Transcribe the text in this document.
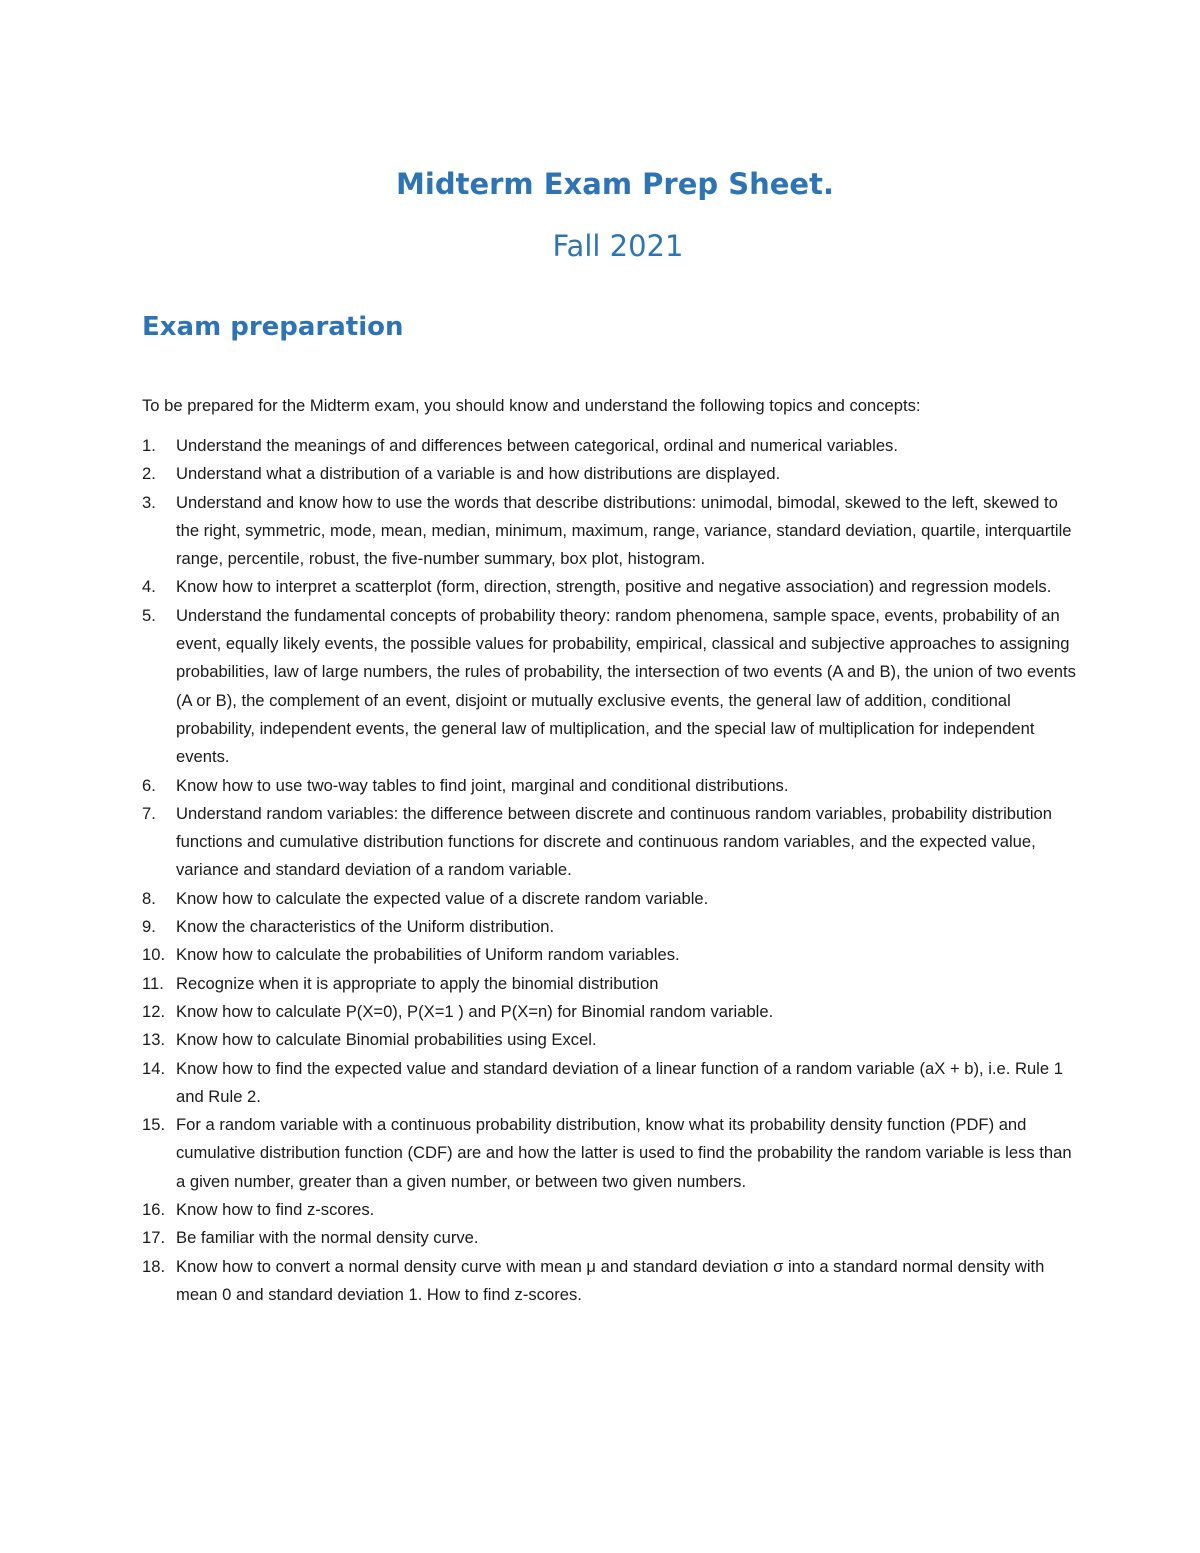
Midterm Exam Prep Sheet.
Fall 2021
Exam preparation

To be prepared for the Midterm exam, you should know and understand the following topics and concepts:

1. Understand the meanings of and differences between categorical, ordinal and numerical variables.
2. Understand what a distribution of a variable is and how distributions are displayed.
3. Understand and know how to use the words that describe distributions: unimodal, bimodal, skewed to the left, skewed to the right, symmetric, mode, mean, median, minimum, maximum, range, variance, standard deviation, quartile, interquartile range, percentile, robust, the five-number summary, box plot, histogram.
4. Know how to interpret a scatterplot (form, direction, strength, positive and negative association) and regression models.
5. Understand the fundamental concepts of probability theory: random phenomena, sample space, events, probability of an event, equally likely events, the possible values for probability, empirical, classical and subjective approaches to assigning probabilities, law of large numbers, the rules of probability, the intersection of two events (A and B), the union of two events (A or B), the complement of an event, disjoint or mutually exclusive events, the general law of addition, conditional probability, independent events, the general law of multiplication, and the special law of multiplication for independent events.
6. Know how to use two-way tables to find joint, marginal and conditional distributions.
7. Understand random variables: the difference between discrete and continuous random variables, probability distribution functions and cumulative distribution functions for discrete and continuous random variables, and the expected value, variance and standard deviation of a random variable.
8. Know how to calculate the expected value of a discrete random variable.
9. Know the characteristics of the Uniform distribution.
10. Know how to calculate the probabilities of Uniform random variables.
11. Recognize when it is appropriate to apply the binomial distribution
12. Know how to calculate P(X=0), P(X=1 ) and P(X=n) for Binomial random variable.
13. Know how to calculate Binomial probabilities using Excel.
14. Know how to find the expected value and standard deviation of a linear function of a random variable (aX + b), i.e. Rule 1 and Rule 2.
15. For a random variable with a continuous probability distribution, know what its probability density function (PDF) and cumulative distribution function (CDF) are and how the latter is used to find the probability the random variable is less than a given number, greater than a given number, or between two given numbers.
16. Know how to find z-scores.
17. Be familiar with the normal density curve.
18. Know how to convert a normal density curve with mean μ and standard deviation σ into a standard normal density with mean 0 and standard deviation 1. How to find z-scores.
